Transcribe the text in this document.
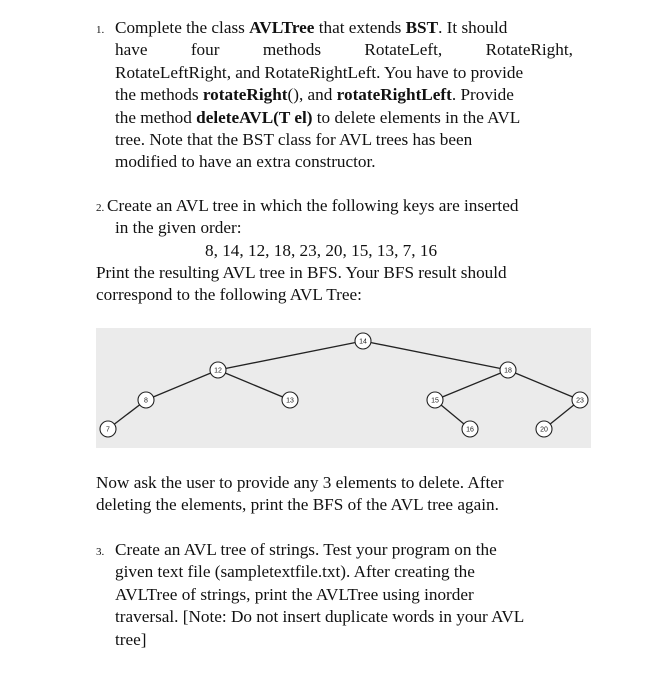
1. Complete the class AVLTree that extends BST. It should
have	four	methods	RotateLeft,	RotateRight,
RotateLeftRight, and RotateRightLeft. You have to provide
the methods rotateRight(), and rotateRightLeft. Provide
the method deleteAVL(T el) to delete elements in the AVL
tree. Note that the BST class for AVL trees has been
modified to have an extra constructor.
2. Create an AVL tree in which the following keys are inserted
in the given order:
8, 14, 12, 18, 23, 20, 15, 13, 7, 16
Print the resulting AVL tree in BFS. Your BFS result should
correspond to the following AVL Tree:
14
12	18
8	13	15	23
7	16	20
Now ask the user to provide any 3 elements to delete. After
deleting the elements, print the BFS of the AVL tree again.
3. Create an AVL tree of strings. Test your program on the
given text file (sampletextfile.txt). After creating the
AVLTree of strings, print the AVLTree using inorder
traversal. [Note: Do not insert duplicate words in your AVL
tree]
